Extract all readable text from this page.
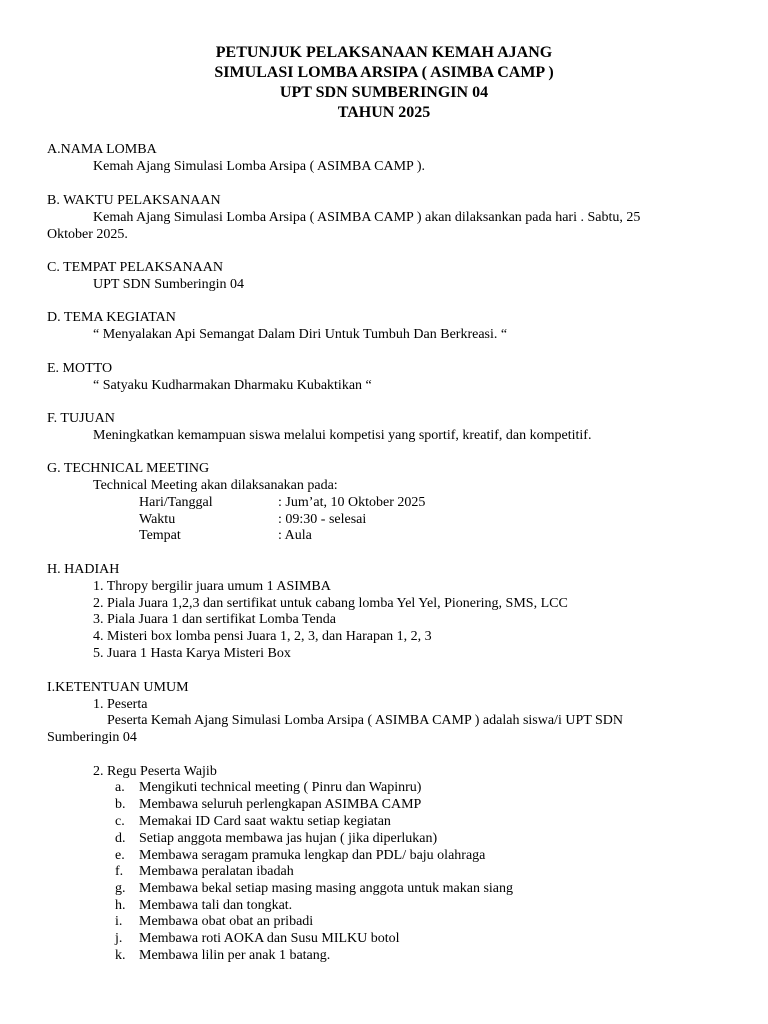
PETUNJUK PELAKSANAAN KEMAH AJANG
SIMULASI LOMBA ARSIPA ( ASIMBA CAMP )
UPT SDN SUMBERINGIN 04
TAHUN 2025
A.NAMA LOMBA
Kemah Ajang Simulasi Lomba Arsipa ( ASIMBA CAMP ).
B. WAKTU PELAKSANAAN
Kemah Ajang Simulasi Lomba Arsipa ( ASIMBA CAMP ) akan dilaksankan pada hari . Sabtu, 25
Oktober 2025.
C. TEMPAT PELAKSANAAN
UPT SDN Sumberingin 04
D. TEMA KEGIATAN
“ Menyalakan Api Semangat Dalam Diri Untuk Tumbuh Dan Berkreasi. “
E. MOTTO
“ Satyaku Kudharmakan Dharmaku Kubaktikan “
F. TUJUAN
Meningkatkan kemampuan siswa melalui kompetisi yang sportif, kreatif, dan kompetitif.
G. TECHNICAL MEETING
Technical Meeting akan dilaksanakan pada:
Hari/Tanggal	: Jum’at, 10 Oktober 2025
Waktu	: 09:30 - selesai
Tempat	: Aula
H. HADIAH
1. Thropy bergilir juara umum 1 ASIMBA
2. Piala Juara 1,2,3 dan sertifikat untuk cabang lomba Yel Yel, Pionering, SMS, LCC
3. Piala Juara 1 dan sertifikat Lomba Tenda
4. Misteri box lomba pensi Juara 1, 2, 3, dan Harapan 1, 2, 3
5. Juara 1 Hasta Karya Misteri Box
I.KETENTUAN UMUM
1. Peserta
Peserta Kemah Ajang Simulasi Lomba Arsipa ( ASIMBA CAMP ) adalah siswa/i UPT SDN
Sumberingin 04
2. Regu Peserta Wajib
a.	Mengikuti technical meeting ( Pinru dan Wapinru)
b. Membawa seluruh perlengkapan ASIMBA CAMP
c.	Memakai ID Card saat waktu setiap kegiatan
d. Setiap anggota membawa jas hujan ( jika diperlukan)
e.	Membawa seragam pramuka lengkap dan PDL/ baju olahraga
f.	Membawa peralatan ibadah
g. Membawa bekal setiap masing masing anggota untuk makan siang
h. Membawa tali dan tongkat.
i.	Membawa obat obat an pribadi
j.	Membawa roti AOKA dan Susu MILKU botol
k. Membawa lilin per anak 1 batang.
